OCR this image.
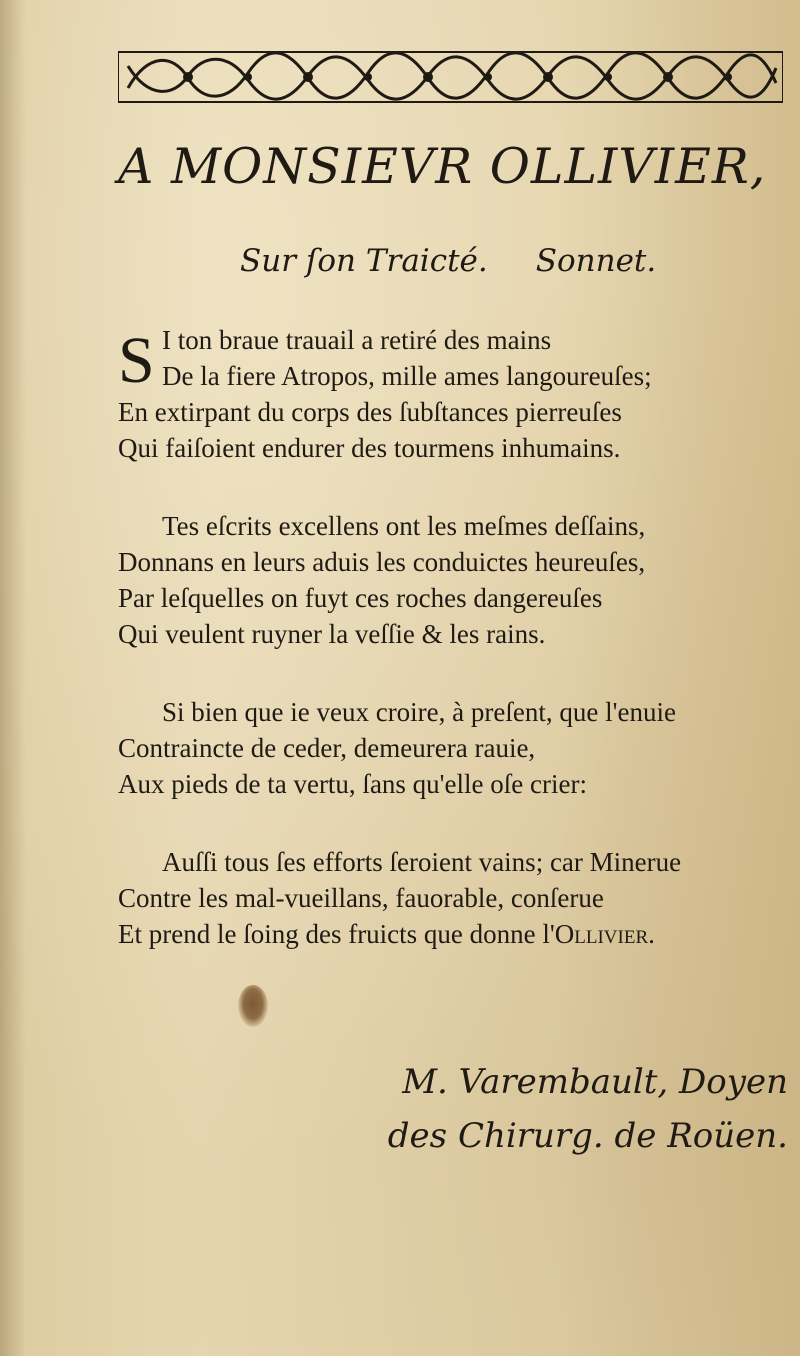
A MONSIEVR OLLIVIER,
Sur ſon Traicté. Sonnet.
S I ton braue trauail a retiré des mains
De la fiere Atropos, mille ames langoureuſes;
En extirpant du corps des ſubſtances pierreuſes
Qui faiſoient endurer des tourmens inhumains.
Tes eſcrits excellens ont les meſmes deſſains,
Donnans en leurs aduis les conduictes heureuſes,
Par leſquelles on fuyt ces roches dangereuſes
Qui veulent ruyner la veſſie & les rains.
Si bien que ie veux croire, à preſent, que l'enuie
Contraincte de ceder, demeurera rauie,
Aux pieds de ta vertu, ſans qu'elle oſe crier:
Auſſi tous ſes efforts ſeroient vains; car Minerue
Contre les mal-vueillans, fauorable, conſerue
Et prend le ſoing des fruicts que donne l'Ollivier.
M. Varembault, Doyen
des Chirurg. de Roüen.
